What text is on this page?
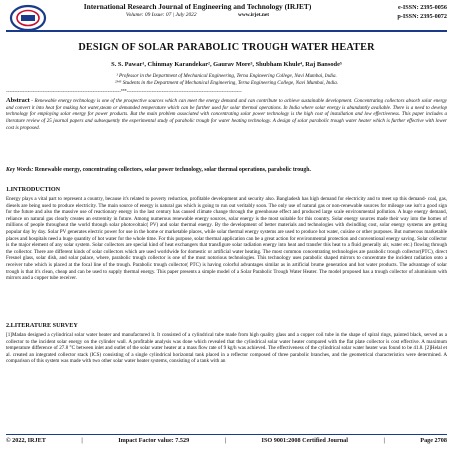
International Research Journal of Engineering and Technology (IRJET)
Volume: 09 Issue: 07 | July 2022	www.irjet.net
e-ISSN: 2395-0056
p-ISSN: 2395-0072
DESIGN OF SOLAR PARABOLIC TROUGH WATER HEATER
S. S. Pawar¹, Chinmay Karandekar², Gaurav More³, Shubham Khule⁴, Raj Bansode⁵
¹ Professor in the Department of Mechanical Engineering, Terna Engineering College, Navi Mumbai, India.
²³⁴⁵ Students in the Department of Mechanical Engineering, Terna Engineering College, Navi Mumbai, India.
---------------------------------------------------------------------***---------------------------------------------------------------------
Abstract - Renewable energy technology is one of the prospective sources which can meet the energy demand and can contribute to achieve sustainable development. Concentrating collectors absorb solar energy and convert it into heat for making hot water,steam or demanded temperature which can be further used for solar thermal operations. In India where solar energy is abundantly available. There is a need to develop technology for employing solar energy for power products. But the main problem associated with concentrating solar power technology is the high cost of installation and low effectiveness. This paper includes a literature review of 25 journal papers and subsequently the experimental study of parabolic trough for water heating technology. A design of solar parabolic trough water heater which is further effective with lower cost is proposed.
Key Words: Renewable energy, concentrating collectors, solar power technology, solar thermal operations, parabolic trough.
1.INTRODUCTION
Energy plays a vital part to represent a country, because it's related to poverty reduction, profitable development and security also. Bangladesh has high demand for electricity and to meet up this demand- coal, gas, diesels are being used to produce electricity. The main source of energy is natural gas which is going to run out veritably soon. The only use of natural gas or non-renewable sources for mileage use isn't a good sign for the future and also the massive use of reactionary energy in the last century has caused climate change through the greenhouse effect and produced large scale environmental pollution. A huge energy demand, reliance on natural gas clearly creates an extremity in future. Among numerous renewable energy sources, solar energy is the most suitable for this country. Solar energy sources made their way into the homes of millions of people throughout the world through solar photovoltaic( PV) and solar thermal energy. By the development of better materials and technologies with dwindling cost, solar energy systems are getting popular day by day. Solar PV generates electric power for use in the home or marketable places, while solar thermal energy systems are used to produce hot water, cuisine or other purposes. But numerous marketable places and hospitals need a huge quantity of hot water for the whole time. For this purpose, solar thermal application can be a great action for environmental protection and conventional energy saving. Solar collector is the major element of any solar system. Solar collectors are special kind of heat exchangers that transfigure solar radiation energy into heat and transfer this heat to a fluid generally air, water etc.) flowing through the collector. There are different kinds of solar collectors which are used worldwide for domestic or artificial water heating. The most common concentrating technologies are parabolic trough collector(PTC), direct Fresnel glass, solar dish, and solar palace, where, parabolic trough collector is one of the most notorious technologies. This technology uses parabolic shaped mirrors to concentrate the incident radiation onto a receiver tube which is placed at the focal line of the trough. Parabolic trough collector( PTC) is having colorful advantages similar as in artificial brume generation and hot water products. The advantage of solar trough is that it's clean, cheap and can be used to supply thermal energy. This paper presents a simple model of a Solar Parabolic Trough Water Heater. The model proposed has a trough collector of aluminium with mirrors and a copper tube receiver.
2.LITERATURE SURVEY
[1]Madan designed a cylindrical solar water heater and manufactured it. It consisted of a cylindrical tube made from high quality glass and a copper coil tube in the shape of spiral rings, painted black, served as a collector to the incident solar energy on the cylinder wall. A profitable analysis was done which revealed that the cylindrical solar water heater compared with the flat plate collector is cost effective. A maximum temperature difference of 27.8 °C between inlet and outlet of the solar water heater at a mass flow rate of 9 kg/h was achieved. The effectiveness of the cylindrical solar water heater was found to be 41.8. [2]Helal et al. created an integrated collector stack (ICS) consisting of a single cylindrical horizontal tank placed in a reflector composed of three parabolic branches, and the geometrical characteristics were determined. A comparison of this system was made with two other solar water heater systems, consisting of a tank with an
© 2022, IRJET	|	Impact Factor value: 7.529	|	ISO 9001:2008 Certified Journal	|	Page 2708
